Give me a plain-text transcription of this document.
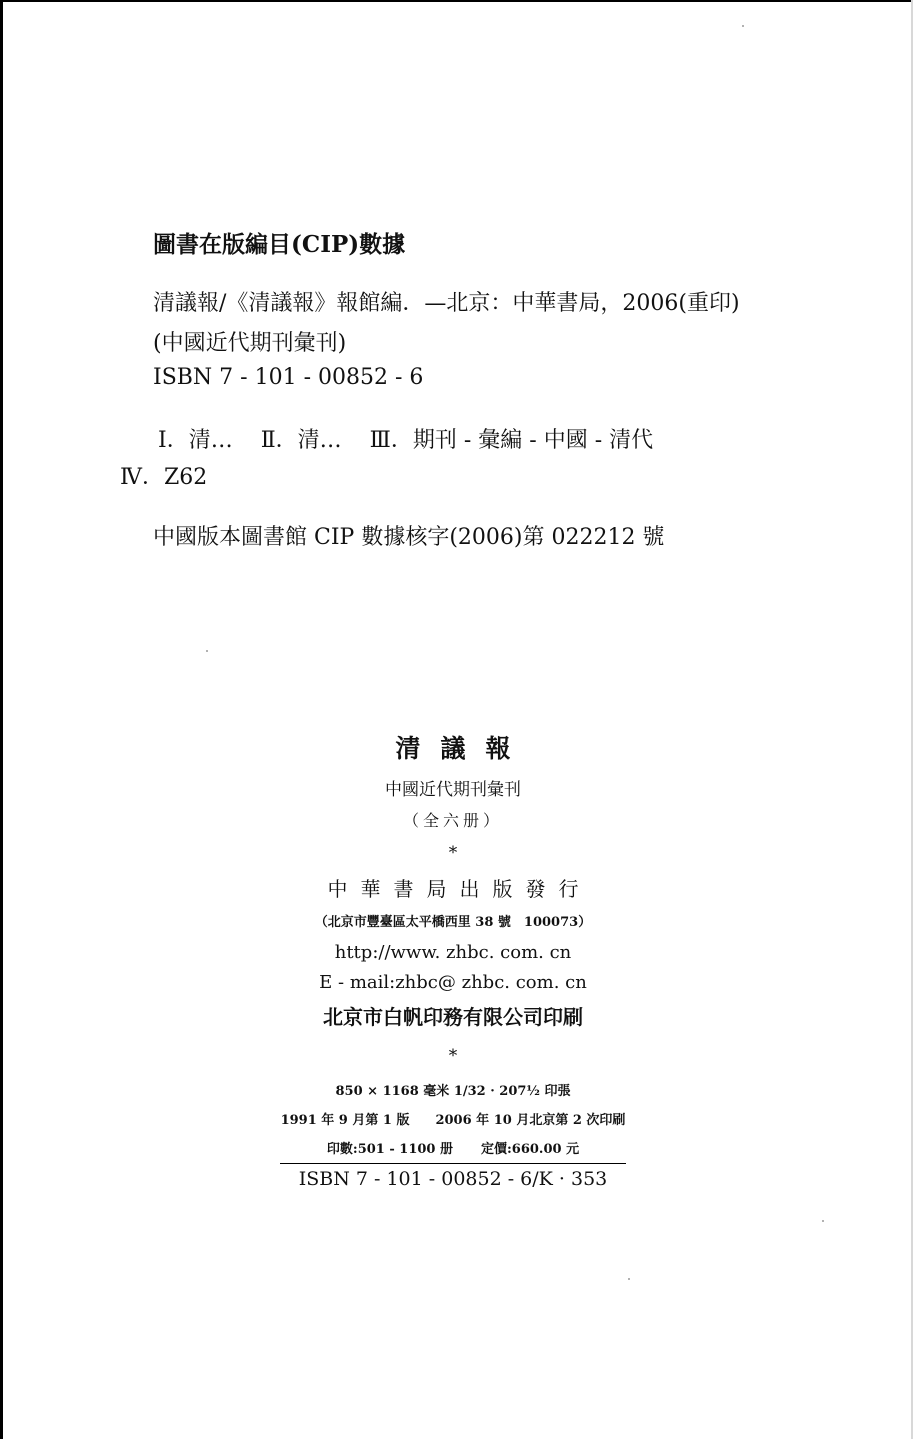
圖書在版編目(CIP)數據
清議報/《清議報》報館編．—北京：中華書局，2006(重印)
(中國近代期刊彙刊)
ISBN 7 - 101 - 00852 - 6
Ⅰ．清… Ⅱ．清… Ⅲ．期刊 - 彙編 - 中國 - 清代
Ⅳ．Z62
中國版本圖書館 CIP 數據核字(2006)第 022212 號
清議報
中國近代期刊彙刊
（全六册）
*
中華書局出版發行
（北京市豐臺區太平橋西里 38 號　100073）
http://www. zhbc. com. cn
E - mail:zhbc@ zhbc. com. cn
北京市白帆印務有限公司印刷
*
850 × 1168 毫米 1/32 · 207½ 印張
1991 年 9 月第 1 版 2006 年 10 月北京第 2 次印刷
印數:501 - 1100 册 定價:660.00 元
ISBN 7 - 101 - 00852 - 6/K · 353
